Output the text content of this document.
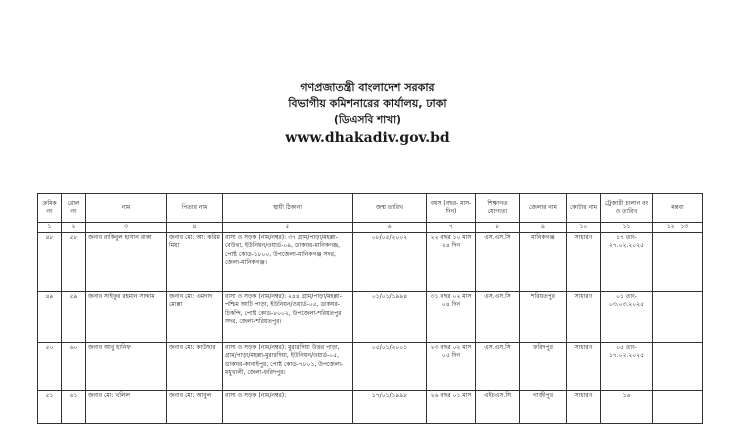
গণপ্রজাতন্ত্রী বাংলাদেশ সরকার
বিভাগীয় কমিশনারের কার্যালয়, ঢাকা
(ডিএসবি শাখা)
www.dhakadiv.gov.bd
ক্রমিক নং	রোল নং	নাম	পিতার নাম	স্থায়ী ঠিকানা	জন্ম তারিখ	বয়স (বছর- মাস- দিন)	শিক্ষাগত যোগ্যতা	জেলার নাম	কোটার নাম	ট্রেজারী চালান নং ও তারিখ	মন্তব্য
১	২	৩	৪	৫	৬	৭	৮	৯	১০	১১	১২ ১৩
৪৮	৫৮	জনাব রাকিবুল হাসান রাকা	জনাব মো: আ: করিম মিয়া	বাসা ও সড়ক (নাম/নম্বর): ৩৭ গ্রাম/পাড়া/মহল্লা-বেউথা, ইউনিয়ন/ওয়ার্ড-০৯, ডাকঘর-মানিকগঞ্জ, পোষ্ট কোড-১৮০০, উপজেলা-মানিকগঞ্জ সদর, জেলা-মানিকগঞ্জ।	০৮/০৫/২০০২	২২ বছর ১০ মাস ২৪ দিন	এস.এস.সি	মানিকগঞ্জ	সাধারণ	১৭ তাং- ২৭.০২.২০২৫	
৪৯	৫৯	জনাব সাইফুর রহমান সাদ্দাম	জনাব মো: এমদাদ মোল্লা	বাসা ও সড়ক (নাম/নম্বর): ২৪৪ গ্রাম/পাড়া/মহল্লা-পশ্চিম আটি পাড়া, ইউনিয়ন/ওয়ার্ড-০৫, ডাকঘর-চিকন্দি, পোষ্ট কোড-৮০০২, উপজেলা-শরিয়তপুর সদর, জেলা-শরিয়তপুর।	০১/০১/১৯৯৪	৩১ বছর ০২ মাস ০৪ দিন	এস.এস.সি	শরিয়তপুর	সাধারণ	০১ তাং- ০৩.০৩.২০২৫	
৫০	৬০	জনাব আবু হানিফ	জনাব মো: কাউছার	বাসা ও সড়ক (নাম/নম্বর): মুরারদিয়া উত্তর পাড়া, গ্রাম/পাড়া/মহল্লা-মুরারদিয়া, ইউনিয়ন/ওয়ার্ড-০৫, ডাকঘর-কানাইপুর, পোষ্ট কোড-৭৮০১, উপজেলা-মধুখালী, জেলা-ফরিদপুর।	০৫/০১/২০০১	২৩ বছর ০২ মাস ০৫ দিন	এস.এস.সি	ফরিদপুর	সাধারণ	০৫ তাং- ১৭.০২.২০২৫	
৫১	৬১	জনাব মো: খলিল	জনাব মো: আবুল	বাসা ও সড়ক (নাম/নম্বর):	১৭/০১/১৯৯৮	২৬ বছর ০১ মাস	এইচএস.সি	গাজীপুর	সাধারণ	১৬	
